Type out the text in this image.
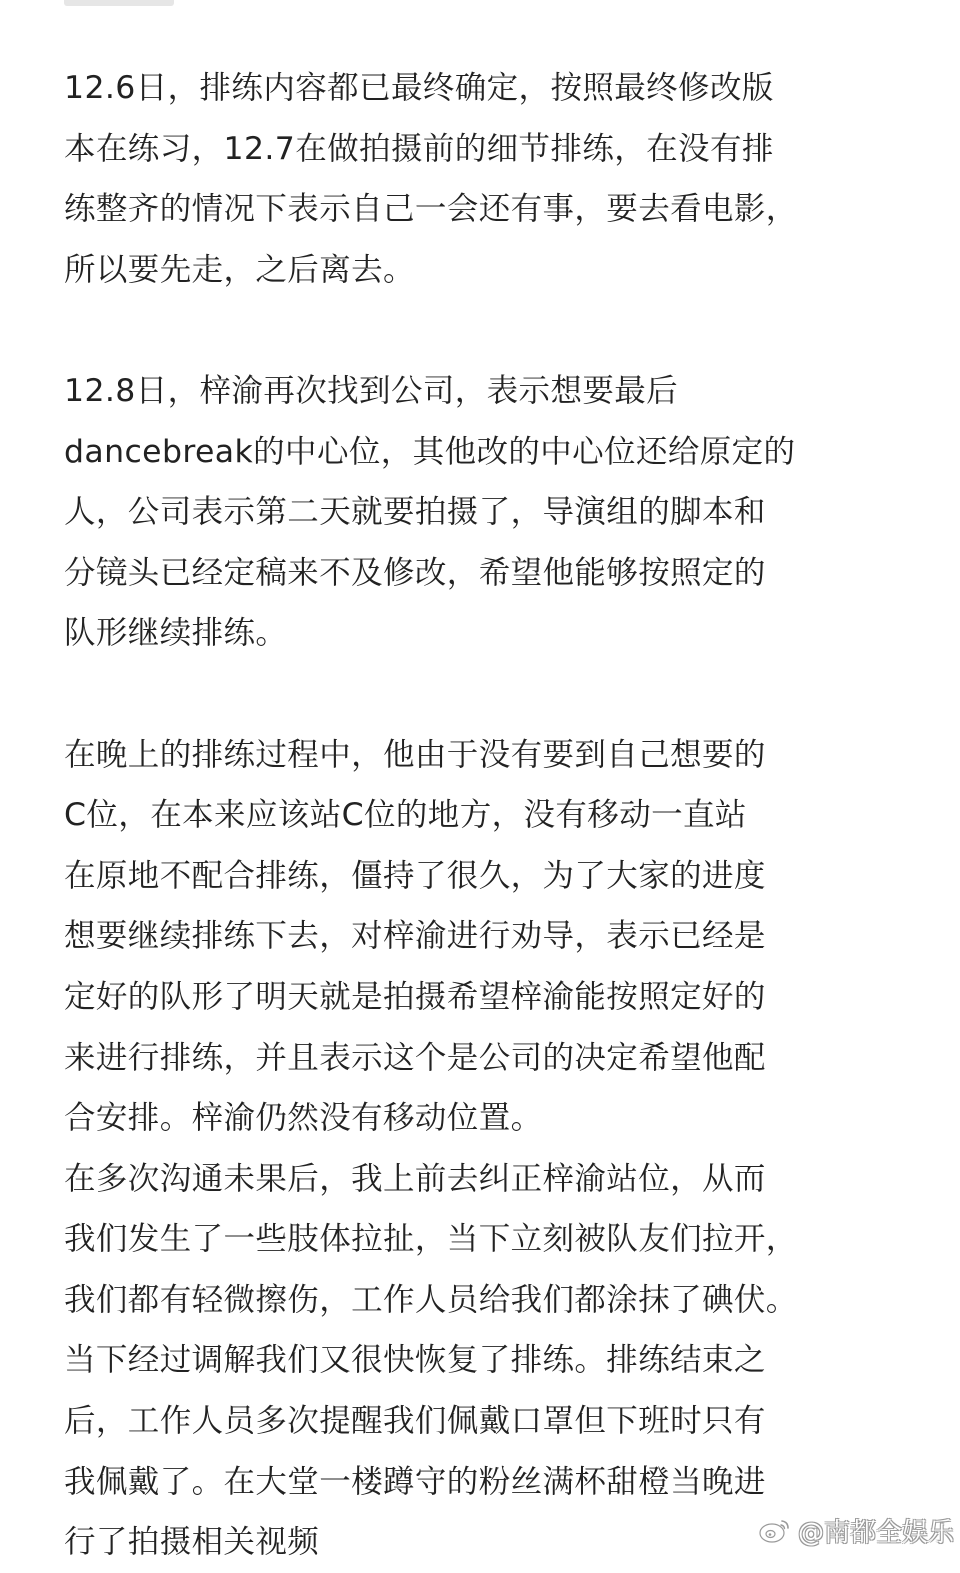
12.6日，排练内容都已最终确定，按照最终修改版
本在练习，12.7在做拍摄前的细节排练，在没有排
练整齐的情况下表示自己一会还有事，要去看电影，
所以要先走，之后离去。
12.8日，梓渝再次找到公司，表示想要最后
dancebreak的中心位，其他改的中心位还给原定的
人，公司表示第二天就要拍摄了，导演组的脚本和
分镜头已经定稿来不及修改，希望他能够按照定的
队形继续排练。
在晚上的排练过程中，他由于没有要到自己想要的
C位，在本来应该站C位的地方，没有移动一直站
在原地不配合排练，僵持了很久，为了大家的进度
想要继续排练下去，对梓渝进行劝导，表示已经是
定好的队形了明天就是拍摄希望梓渝能按照定好的
来进行排练，并且表示这个是公司的决定希望他配
合安排。梓渝仍然没有移动位置。
在多次沟通未果后，我上前去纠正梓渝站位，从而
我们发生了一些肢体拉扯，当下立刻被队友们拉开，
我们都有轻微擦伤，工作人员给我们都涂抹了碘伏。
当下经过调解我们又很快恢复了排练。排练结束之
后，工作人员多次提醒我们佩戴口罩但下班时只有
我佩戴了。在大堂一楼蹲守的粉丝满杯甜橙当晚进
行了拍摄相关视频	@南都全娱乐
